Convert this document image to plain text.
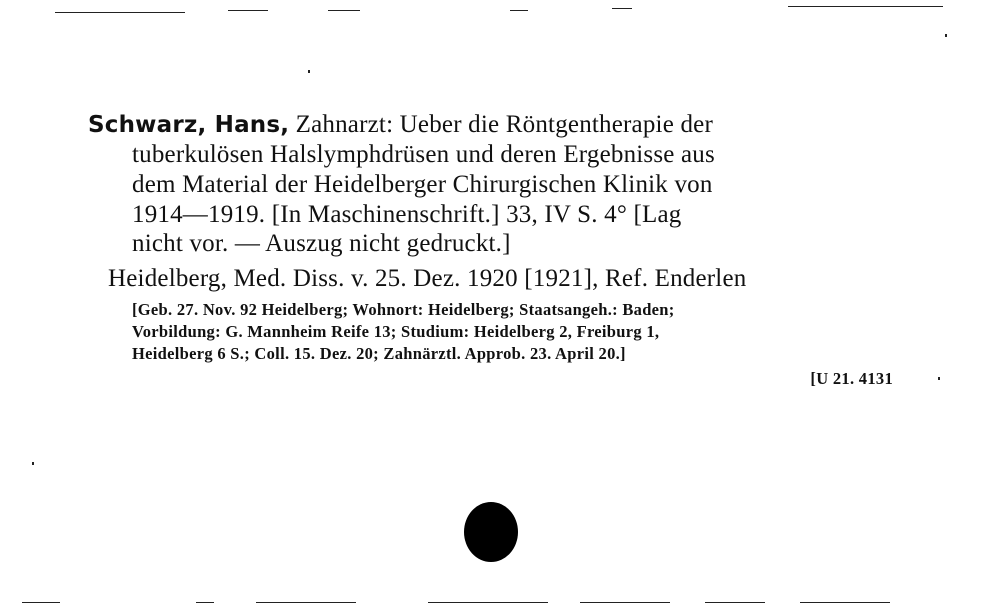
Schwarz, Hans, Zahnarzt: Ueber die Röntgentherapie der
tuberkulösen Halslymphdrüsen und deren Ergebnisse aus
dem Material der Heidelberger Chirurgischen Klinik von
1914—1919. [In Maschinenschrift.] 33, IV S. 4° [Lag
nicht vor. — Auszug nicht gedruckt.]
Heidelberg, Med. Diss. v. 25. Dez. 1920 [1921], Ref. Enderlen
[Geb. 27. Nov. 92 Heidelberg; Wohnort: Heidelberg; Staatsangeh.: Baden;
Vorbildung: G. Mannheim Reife 13; Studium: Heidelberg 2, Freiburg 1,
Heidelberg 6 S.; Coll. 15. Dez. 20; Zahnärztl. Approb. 23. April 20.]
[U 21. 4131
